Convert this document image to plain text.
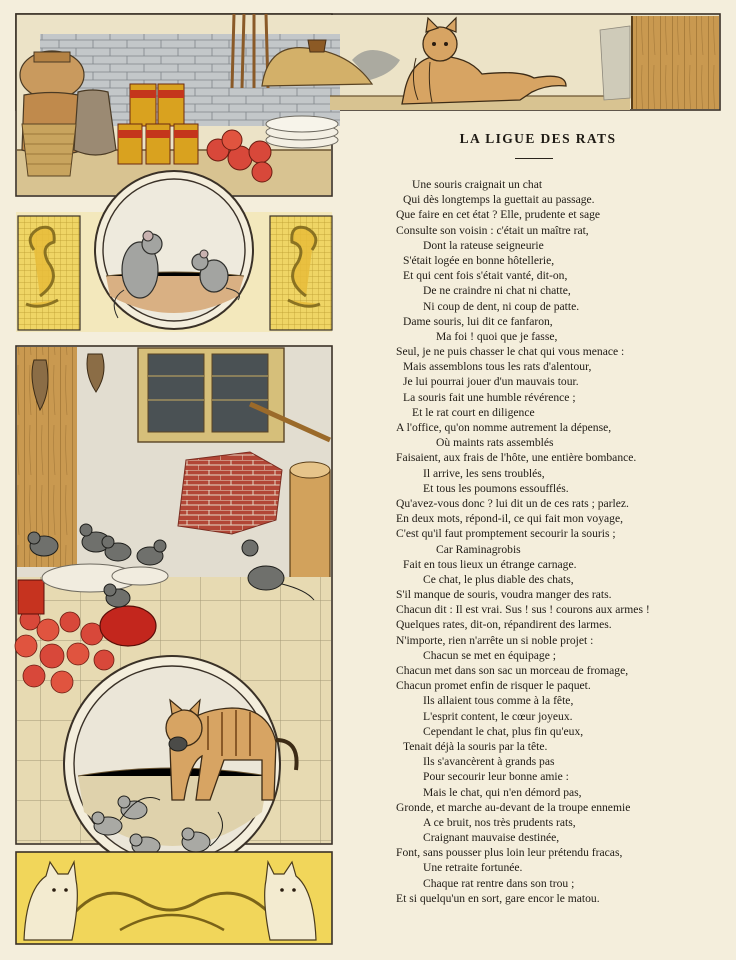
LA LIGUE DES RATS
Une souris craignait un chat
Qui dès longtemps la guettait au passage.
Que faire en cet état ? Elle, prudente et sage
Consulte son voisin : c'était un maître rat,
Dont la rateuse seigneurie
S'était logée en bonne hôtellerie,
Et qui cent fois s'était vanté, dit-on,
De ne craindre ni chat ni chatte,
Ni coup de dent, ni coup de patte.
Dame souris, lui dit ce fanfaron,
Ma foi ! quoi que je fasse,
Seul, je ne puis chasser le chat qui vous menace :
Mais assemblons tous les rats d'alentour,
Je lui pourrai jouer d'un mauvais tour.
La souris fait une humble révérence ;
Et le rat court en diligence
A l'office, qu'on nomme autrement la dépense,
Où maints rats assemblés
Faisaient, aux frais de l'hôte, une entière bombance.
Il arrive, les sens troublés,
Et tous les poumons essoufflés.
Qu'avez-vous donc ? lui dit un de ces rats ; parlez.
En deux mots, répond-il, ce qui fait mon voyage,
C'est qu'il faut promptement secourir la souris ;
Car Raminagrobis
Fait en tous lieux un étrange carnage.
Ce chat, le plus diable des chats,
S'il manque de souris, voudra manger des rats.
Chacun dit : Il est vrai. Sus ! sus ! courons aux armes !
Quelques rates, dit-on, répandirent des larmes.
N'importe, rien n'arrête un si noble projet :
Chacun se met en équipage ;
Chacun met dans son sac un morceau de fromage,
Chacun promet enfin de risquer le paquet.
Ils allaient tous comme à la fête,
L'esprit content, le cœur joyeux.
Cependant le chat, plus fin qu'eux,
Tenait déjà la souris par la tête.
Ils s'avancèrent à grands pas
Pour secourir leur bonne amie :
Mais le chat, qui n'en démord pas,
Gronde, et marche au-devant de la troupe ennemie
A ce bruit, nos très prudents rats,
Craignant mauvaise destinée,
Font, sans pousser plus loin leur prétendu fracas,
Une retraite fortunée.
Chaque rat rentre dans son trou ;
Et si quelqu'un en sort, gare encor le matou.
